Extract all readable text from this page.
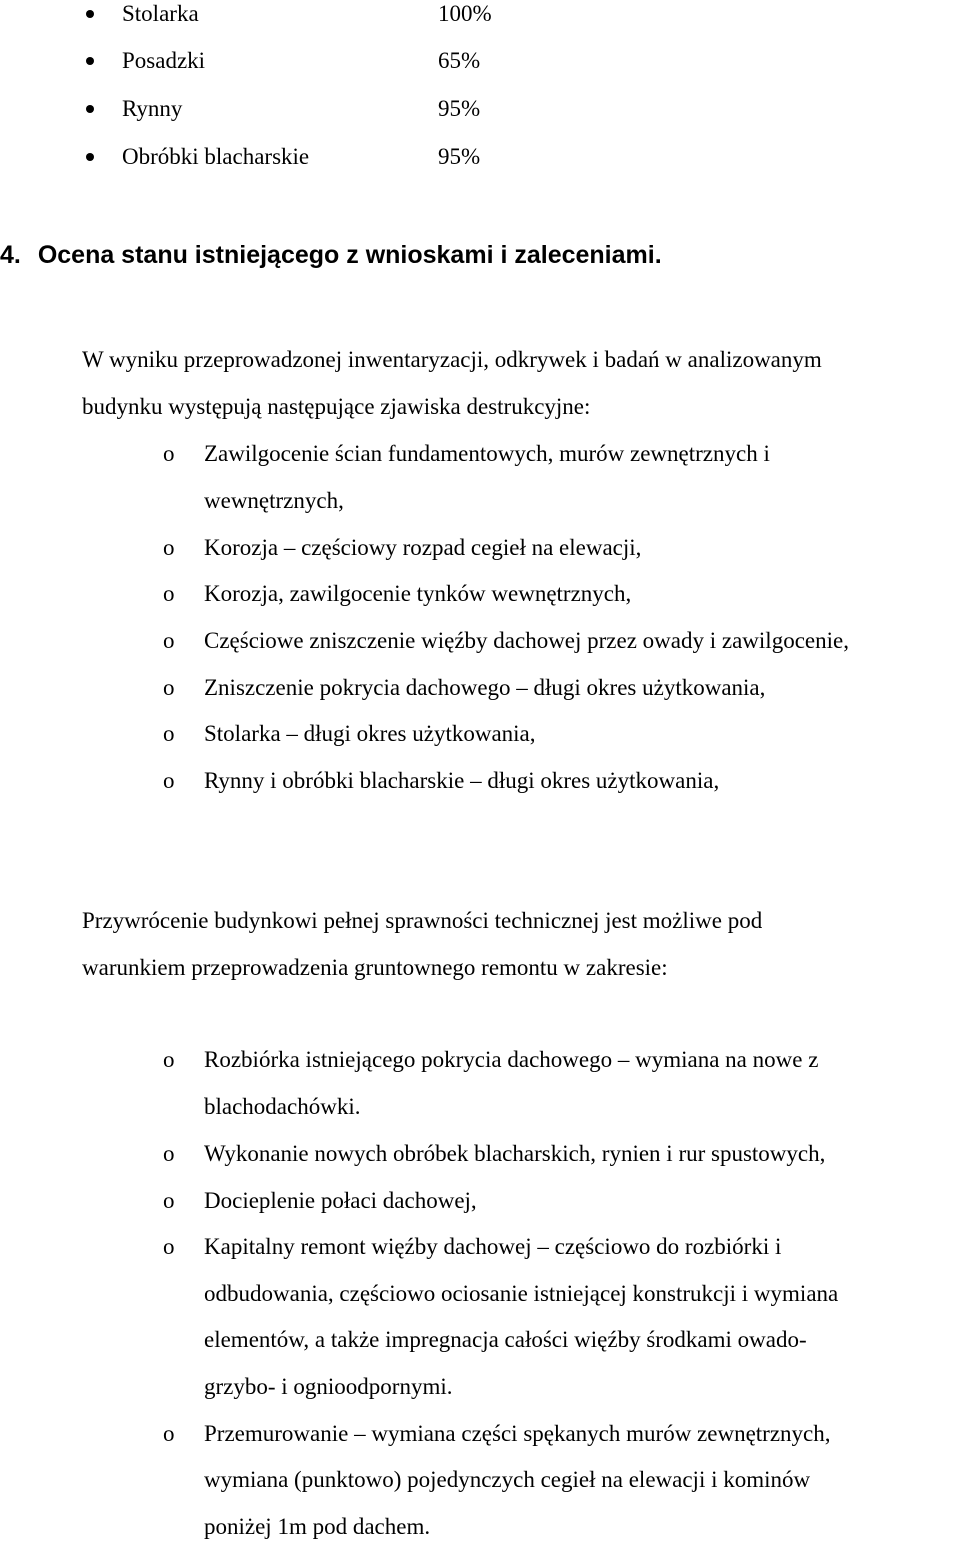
Stolarka	100%
Posadzki	65%
Rynny	95%
Obróbki blacharskie	95%
4. Ocena stanu istniejącego z wnioskami i zaleceniami.
W wyniku przeprowadzonej inwentaryzacji, odkrywek i badań w analizowanym
budynku występują następujące zjawiska destrukcyjne:
o Zawilgocenie ścian fundamentowych, murów zewnętrznych i
wewnętrznych,
o Korozja – częściowy rozpad cegieł na elewacji,
o Korozja, zawilgocenie tynków wewnętrznych,
o Częściowe zniszczenie więźby dachowej przez owady i zawilgocenie,
o Zniszczenie pokrycia dachowego – długi okres użytkowania,
o Stolarka – długi okres użytkowania,
o Rynny i obróbki blacharskie – długi okres użytkowania,
Przywrócenie budynkowi pełnej sprawności technicznej jest możliwe pod
warunkiem przeprowadzenia gruntownego remontu w zakresie:
o Rozbiórka istniejącego pokrycia dachowego – wymiana na nowe z
blachodachówki.
o Wykonanie nowych obróbek blacharskich, rynien i rur spustowych,
o Docieplenie połaci dachowej,
o Kapitalny remont więźby dachowej – częściowo do rozbiórki i
odbudowania, częściowo ociosanie istniejącej konstrukcji i wymiana
elementów, a także impregnacja całości więźby środkami owado-
grzybo- i ognioodpornymi.
o Przemurowanie – wymiana części spękanych murów zewnętrznych,
wymiana (punktowo) pojedynczych cegieł na elewacji i kominów
poniżej 1m pod dachem.
